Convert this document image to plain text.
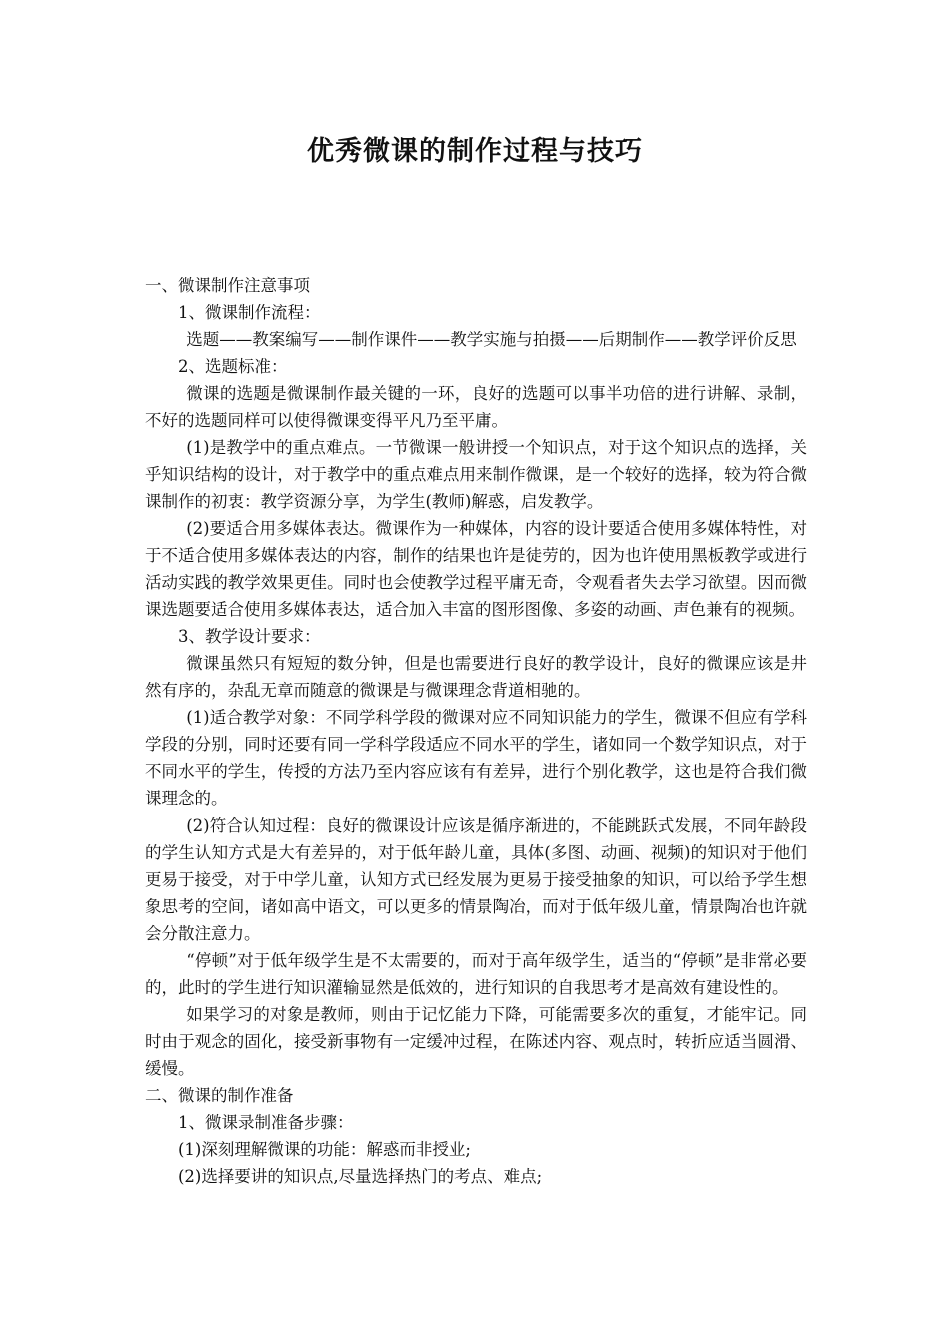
优秀微课的制作过程与技巧

一、微课制作注意事项

1、微课制作流程：

选题——教案编写——制作课件——教学实施与拍摄——后期制作——教学评价反思

2、选题标准：

微课的选题是微课制作最关键的一环，良好的选题可以事半功倍的进行讲解、录制，不好的选题同样可以使得微课变得平凡乃至平庸。

(1)是教学中的重点难点。一节微课一般讲授一个知识点，对于这个知识点的选择，关乎知识结构的设计，对于教学中的重点难点用来制作微课，是一个较好的选择，较为符合微课制作的初衷：教学资源分享，为学生(教师)解惑，启发教学。

(2)要适合用多媒体表达。微课作为一种媒体，内容的设计要适合使用多媒体特性，对于不适合使用多媒体表达的内容，制作的结果也许是徒劳的，因为也许使用黑板教学或进行活动实践的教学效果更佳。同时也会使教学过程平庸无奇，令观看者失去学习欲望。因而微课选题要适合使用多媒体表达，适合加入丰富的图形图像、多姿的动画、声色兼有的视频。

3、教学设计要求：

微课虽然只有短短的数分钟，但是也需要进行良好的教学设计，良好的微课应该是井然有序的，杂乱无章而随意的微课是与微课理念背道相驰的。

(1)适合教学对象：不同学科学段的微课对应不同知识能力的学生，微课不但应有学科学段的分别，同时还要有同一学科学段适应不同水平的学生，诸如同一个数学知识点，对于不同水平的学生，传授的方法乃至内容应该有有差异，进行个别化教学，这也是符合我们微课理念的。

(2)符合认知过程：良好的微课设计应该是循序渐进的，不能跳跃式发展，不同年龄段的学生认知方式是大有差异的，对于低年龄儿童，具体(多图、动画、视频)的知识对于他们更易于接受，对于中学儿童，认知方式已经发展为更易于接受抽象的知识，可以给予学生想象思考的空间，诸如高中语文，可以更多的情景陶冶，而对于低年级儿童，情景陶冶也许就会分散注意力。

“停顿”对于低年级学生是不太需要的，而对于高年级学生，适当的“停顿”是非常必要的，此时的学生进行知识灌输显然是低效的，进行知识的自我思考才是高效有建设性的。

如果学习的对象是教师，则由于记忆能力下降，可能需要多次的重复，才能牢记。同时由于观念的固化，接受新事物有一定缓冲过程，在陈述内容、观点时，转折应适当圆滑、缓慢。

二、微课的制作准备

1、微课录制准备步骤：

(1)深刻理解微课的功能：解惑而非授业;

(2)选择要讲的知识点,尽量选择热门的考点、难点;
